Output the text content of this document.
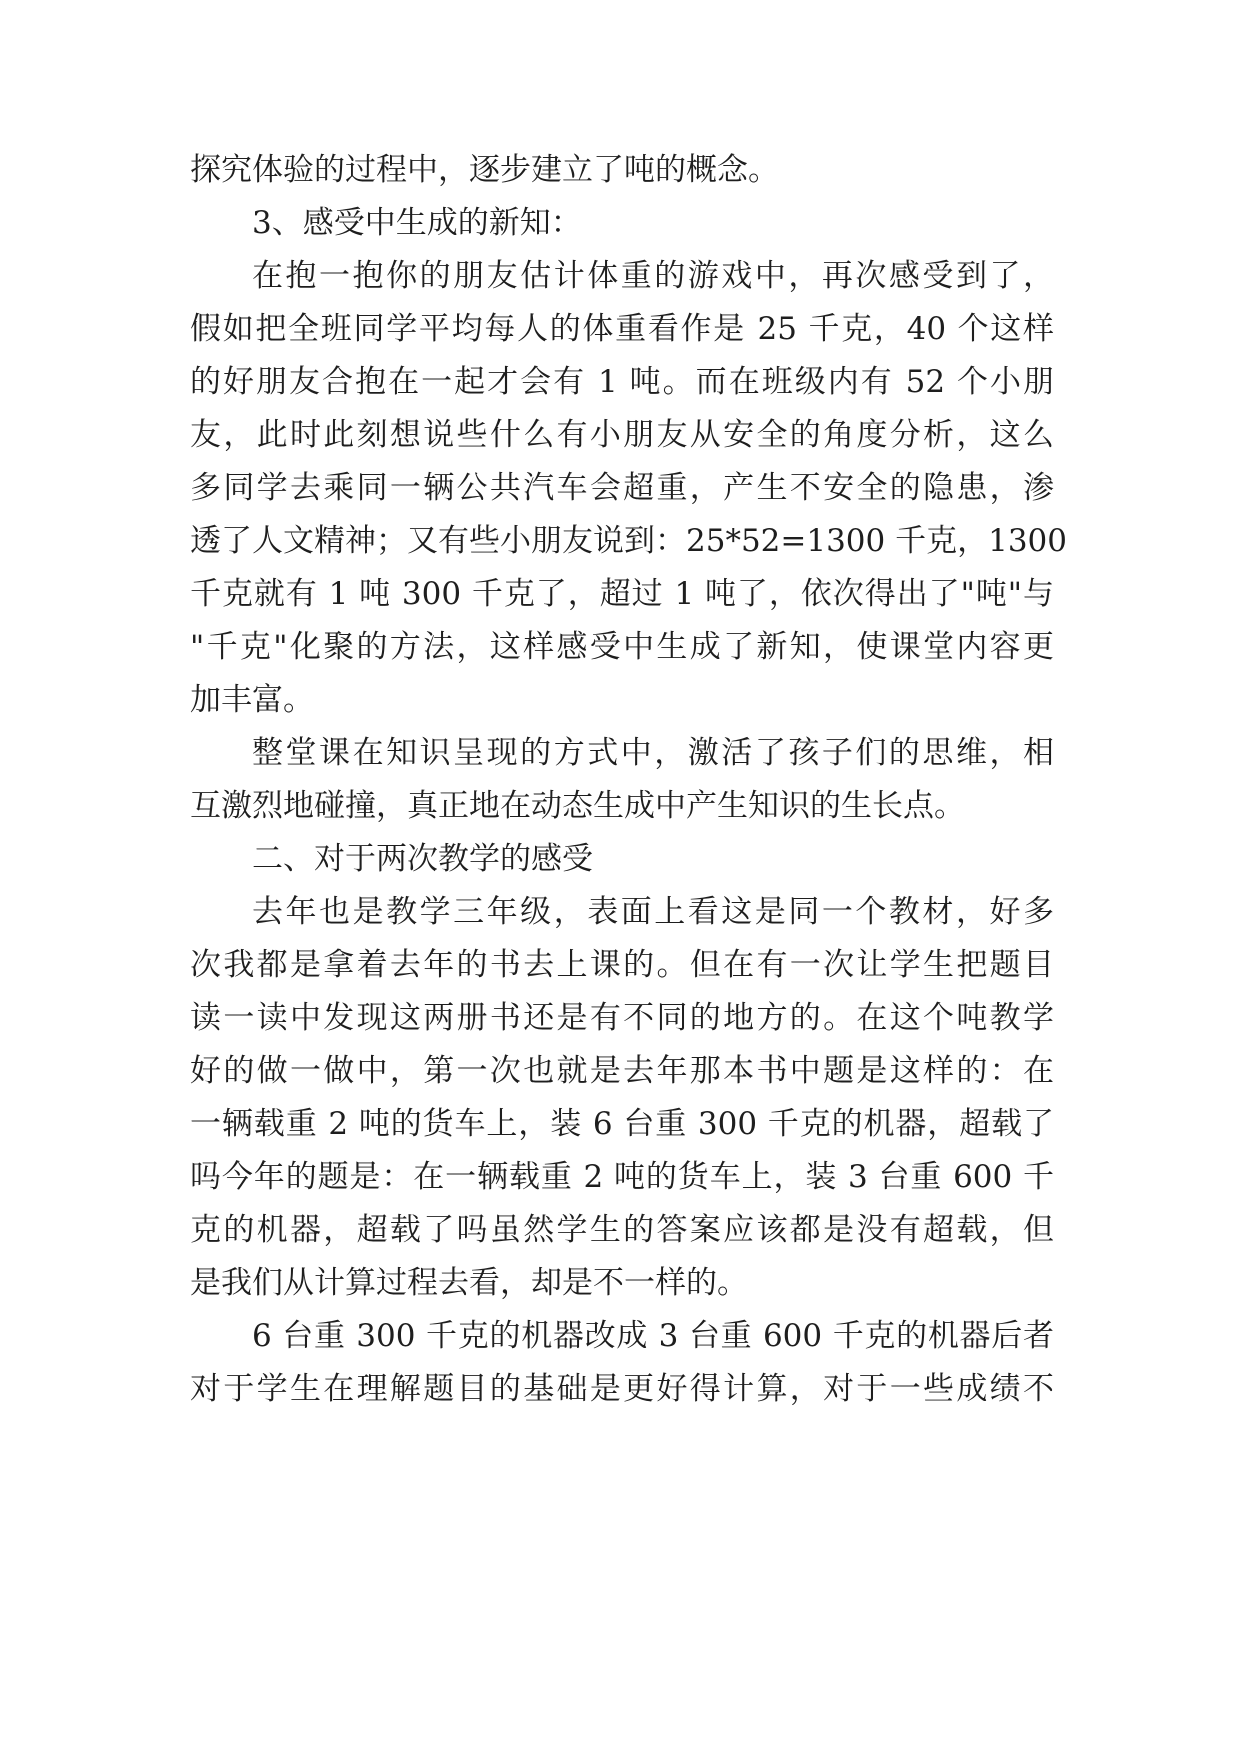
探究体验的过程中，逐步建立了吨的概念。

3、感受中生成的新知：

在抱一抱你的朋友估计体重的游戏中，再次感受到了，

假如把全班同学平均每人的体重看作是 25 千克，40 个这样

的好朋友合抱在一起才会有 1 吨。而在班级内有 52 个小朋

友，此时此刻想说些什么有小朋友从安全的角度分析，这么

多同学去乘同一辆公共汽车会超重，产生不安全的隐患，渗

透了人文精神；又有些小朋友说到：25*52=1300 千克，1300

千克就有 1 吨 300 千克了，超过 1 吨了，依次得出了"吨"与

"千克"化聚的方法，这样感受中生成了新知，使课堂内容更

加丰富。

整堂课在知识呈现的方式中，激活了孩子们的思维，相

互激烈地碰撞，真正地在动态生成中产生知识的生长点。

二、对于两次教学的感受

去年也是教学三年级，表面上看这是同一个教材，好多

次我都是拿着去年的书去上课的。但在有一次让学生把题目

读一读中发现这两册书还是有不同的地方的。在这个吨教学

好的做一做中，第一次也就是去年那本书中题是这样的：在

一辆载重 2 吨的货车上，装 6 台重 300 千克的机器，超载了

吗今年的题是：在一辆载重 2 吨的货车上，装 3 台重 600 千

克的机器，超载了吗虽然学生的答案应该都是没有超载，但

是我们从计算过程去看，却是不一样的。

6 台重 300 千克的机器改成 3 台重 600 千克的机器后者

对于学生在理解题目的基础是更好得计算，对于一些成绩不
